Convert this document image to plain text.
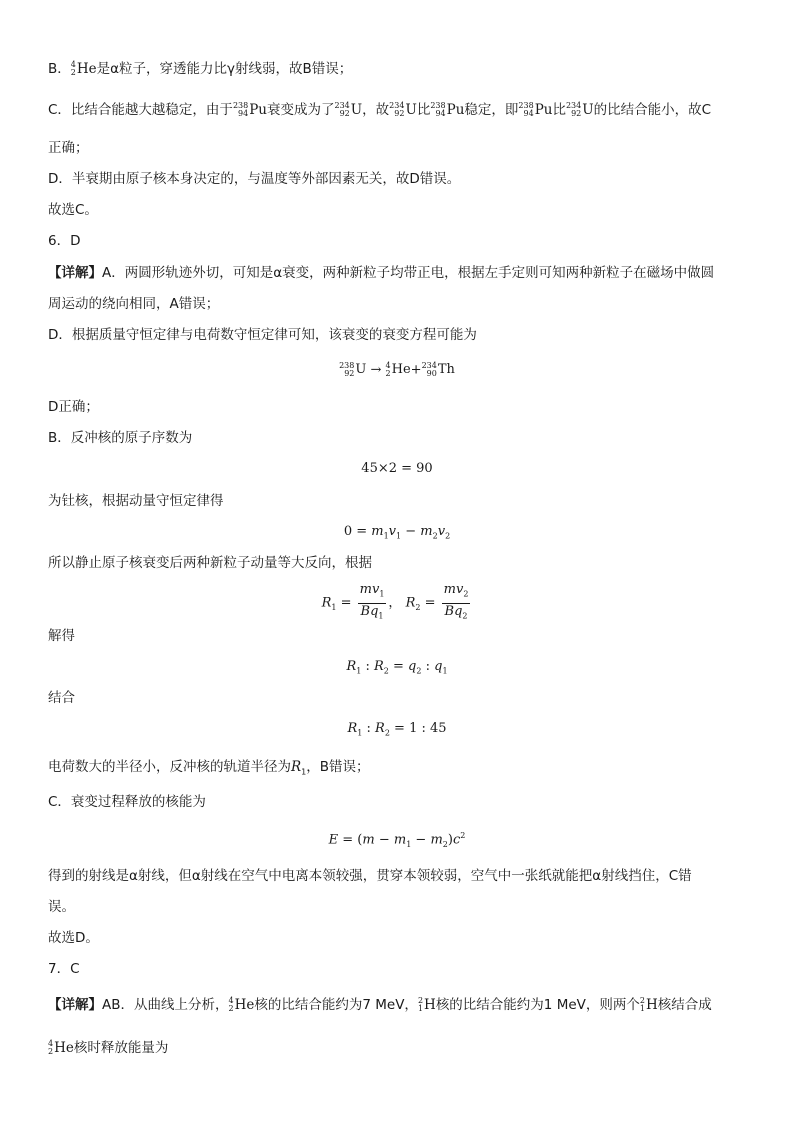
B． 4
2 He 是α粒子，穿透能力比γ射线弱，故B错误；
C．比结合能越大越稳定，由于 238
94 Pu 衰变成为了 234
92 U ，故 234
92 U 比 238
94 Pu 稳定，即 238
94 Pu 比 234
92 U 的比结合能小，故C
正确；
D．半衰期由原子核本身决定的，与温度等外部因素无关，故D错误。
故选C。
6．D
【详解】A．两圆形轨迹外切，可知是α衰变，两种新粒子均带正电，根据左手定则可知两种新粒子在磁场中做圆
周运动的绕向相同，A错误；
D．根据质量守恒定律与电荷数守恒定律可知，该衰变的衰变方程可能为
238
92 U → 4
2 He + 234
90 Th
D正确；
B．反冲核的原子序数为
45×2 = 90
为钍核，根据动量守恒定律得
$0 = m_1v_1 - m_2v_2$
所以静止原子核衰变后两种新粒子动量等大反向，根据
$R_1 = \frac{mv_1}{Bq_1}$ ， $R_2 = \frac{mv_2}{Bq_2}$
解得
$R_1$ : $R_2 = q_2$ : $q_1$
结合
$R_1$ : $R_2 = 1$ : 45
电荷数大的半径小，反冲核的轨道半径为$R_1$，B错误；
C．衰变过程释放的核能为
$E = (m - m_1 - m_2)c^2$
得到的射线是α射线，但α射线在空气中电离本领较强，贯穿本领较弱，空气中一张纸就能把α射线挡住，C错
误。
故选D。
7．C
【详解】AB．从曲线上分析， 4
2 He 核的比结合能约为7 MeV， 2
1 H 核的比结合能约为1 MeV，则两个 2
1 H 核结合成
4
2 He 核时释放能量为
